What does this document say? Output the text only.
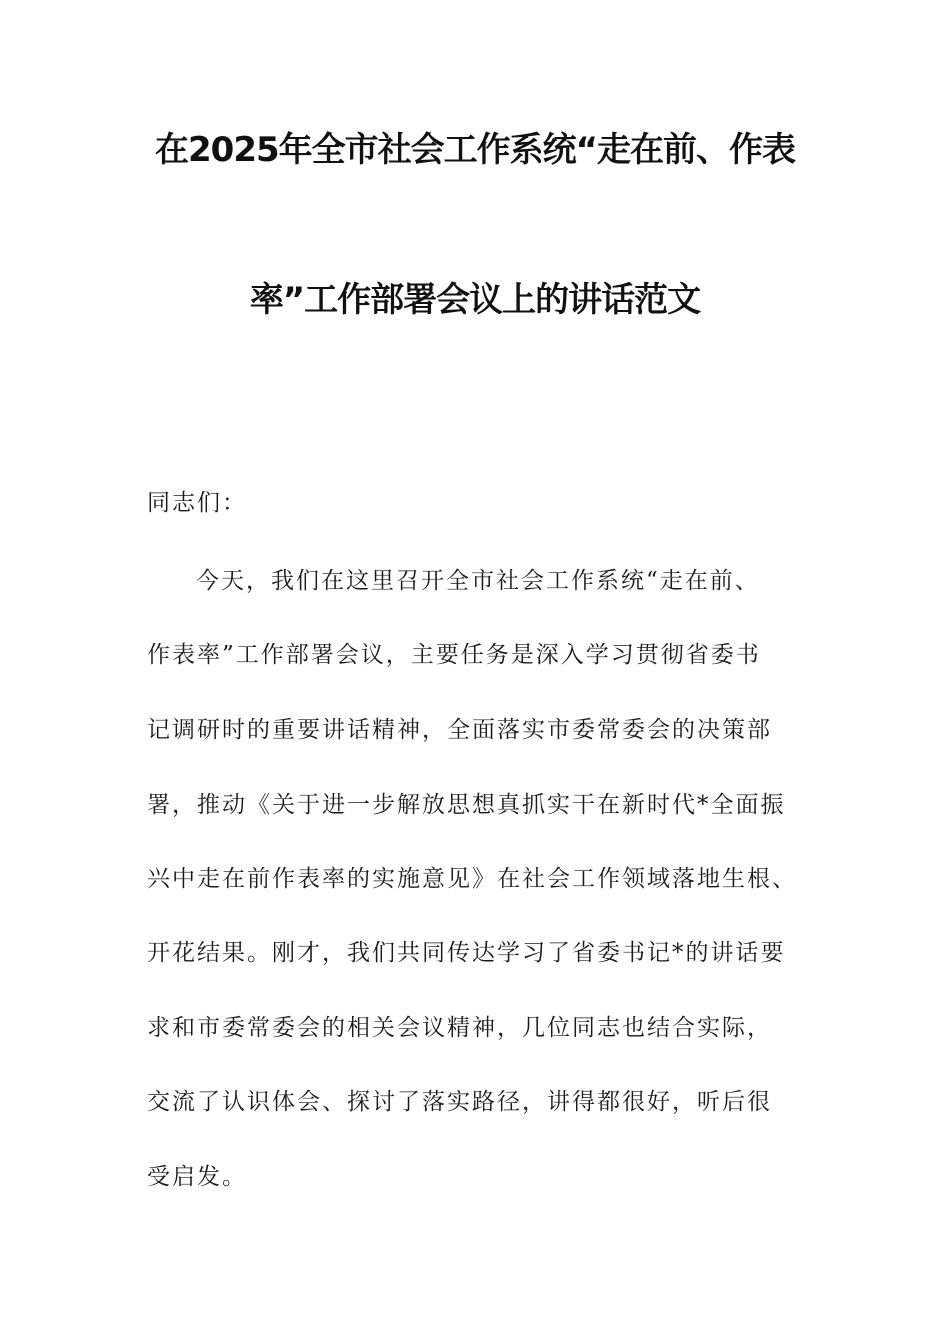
在2025年全市社会工作系统“走在前、作表
率”工作部署会议上的讲话范文
同志们：
今天，我们在这里召开全市社会工作系统“走在前、
作表率”工作部署会议，主要任务是深入学习贯彻省委书
记调研时的重要讲话精神，全面落实市委常委会的决策部
署，推动《关于进一步解放思想真抓实干在新时代*全面振
兴中走在前作表率的实施意见》在社会工作领域落地生根、
开花结果。刚才，我们共同传达学习了省委书记*的讲话要
求和市委常委会的相关会议精神，几位同志也结合实际，
交流了认识体会、探讨了落实路径，讲得都很好，听后很
受启发。
